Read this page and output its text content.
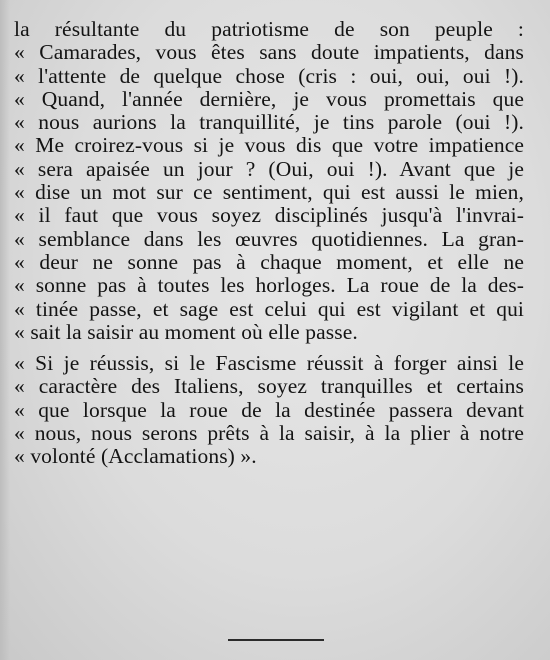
la résultante du patriotisme de son peuple :
« Camarades, vous êtes sans doute impatients, dans
« l'attente de quelque chose (cris : oui, oui, oui !).
« Quand, l'année dernière, je vous promettais que
« nous aurions la tranquillité, je tins parole (oui !).
« Me croirez-vous si je vous dis que votre impatience
« sera apaisée un jour ? (Oui, oui !). Avant que je
« dise un mot sur ce sentiment, qui est aussi le mien,
« il faut que vous soyez disciplinés jusqu'à l'invrai-
« semblance dans les œuvres quotidiennes. La gran-
« deur ne sonne pas à chaque moment, et elle ne
« sonne pas à toutes les horloges. La roue de la des-
« tinée passe, et sage est celui qui est vigilant et qui
« sait la saisir au moment où elle passe.
« Si je réussis, si le Fascisme réussit à forger ainsi le
« caractère des Italiens, soyez tranquilles et certains
« que lorsque la roue de la destinée passera devant
« nous, nous serons prêts à la saisir, à la plier à notre
« volonté (Acclamations) ».
